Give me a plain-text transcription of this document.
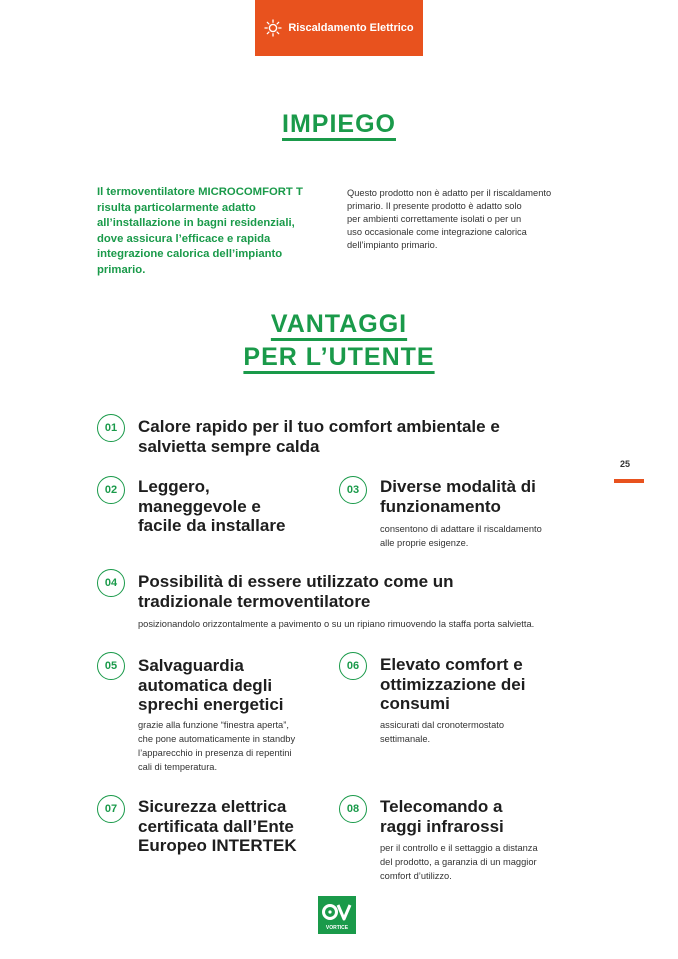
Riscaldamento Elettrico
IMPIEGO
Il termoventilatore MICROCOMFORT T
risulta particolarmente adatto
all’installazione in bagni residenziali,
dove assicura l’efficace e rapida
integrazione calorica dell’impianto
primario.
Questo prodotto non è adatto per il riscaldamento
primario. Il presente prodotto è adatto solo
per ambienti correttamente isolati o per un
uso occasionale come integrazione calorica
dell’impianto primario.
VANTAGGI
PER L’UTENTE
01	Calore rapido per il tuo comfort ambientale e
salvietta sempre calda
02	Leggero,
maneggevole e
facile da installare
03	Diverse modalità di
funzionamento
consentono di adattare il riscaldamento
alle proprie esigenze.
04	Possibilità di essere utilizzato come un
tradizionale termoventilatore
posizionandolo orizzontalmente a pavimento o su un ripiano rimuovendo la staffa porta salvietta.
05	Salvaguardia
automatica degli
sprechi energetici
grazie alla funzione “finestra aperta”,
che pone automaticamente in standby
l’apparecchio in presenza di repentini
cali di temperatura.
06	Elevato comfort e
ottimizzazione dei
consumi
assicurati dal cronotermostato
settimanale.
07	Sicurezza elettrica
certificata dall’Ente
Europeo INTERTEK
08	Telecomando a
raggi infrarossi
per il controllo e il settaggio a distanza
del prodotto, a garanzia di un maggior
comfort d’utilizzo.
25
VORTICE
